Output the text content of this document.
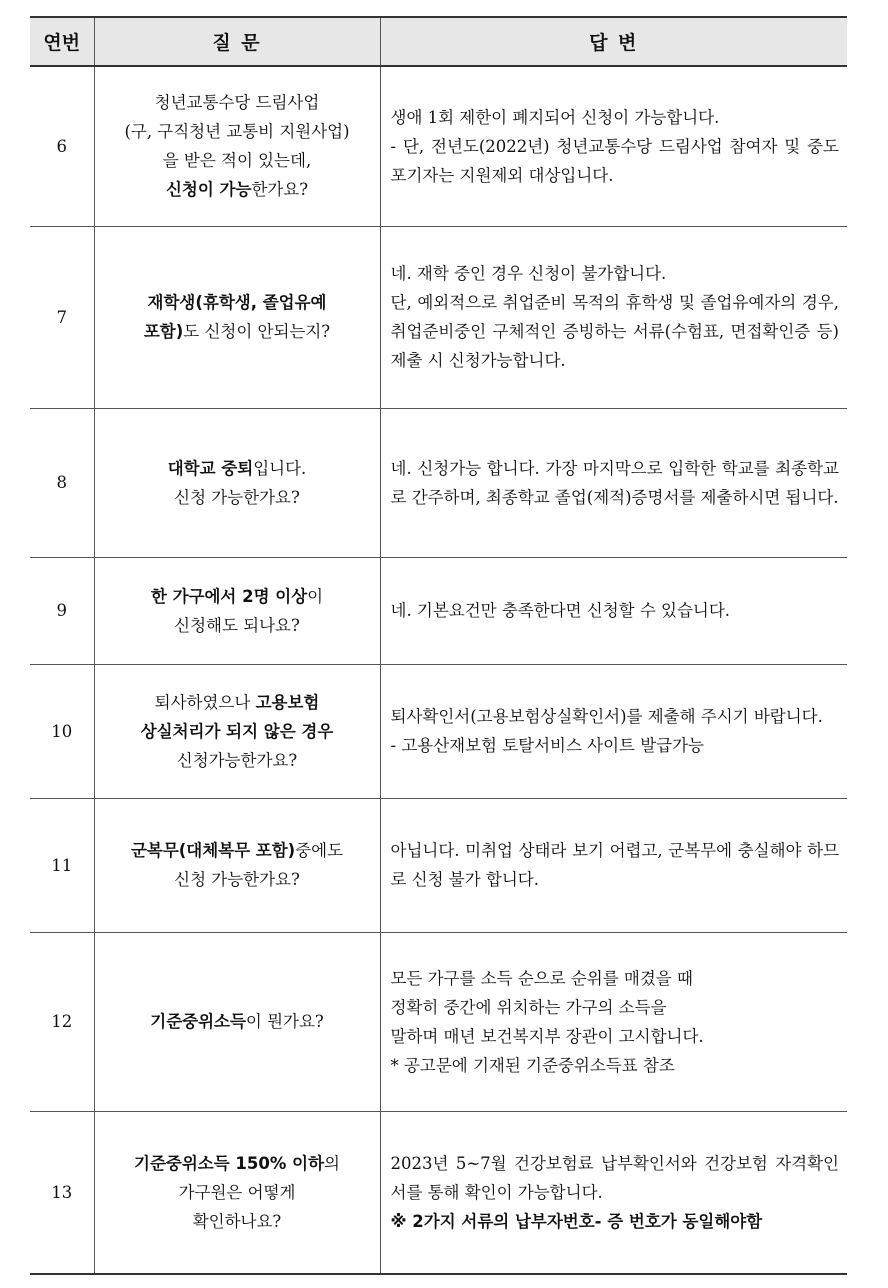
연번	질 문	답 변
6	청년교통수당 드림사업
(구, 구직청년 교통비 지원사업)
을 받은 적이 있는데,
신청이 가능한가요?	생애 1회 제한이 폐지되어 신청이 가능합니다.
- 단, 전년도(2022년) 청년교통수당 드림사업 참여자 및 중도포기자는 지원제외 대상입니다.

7	재학생(휴학생, 졸업유예
포함)도 신청이 안되는지?	네. 재학 중인 경우 신청이 불가합니다.
단, 예외적으로 취업준비 목적의 휴학생 및 졸업유예자의 경우, 취업준비중인 구체적인 증빙하는 서류(수험표, 면접확인증 등) 제출 시 신청가능합니다.

8	대학교 중퇴입니다.
신청 가능한가요?	네. 신청가능 합니다. 가장 마지막으로 입학한 학교를 최종학교로 간주하며, 최종학교 졸업(제적)증명서를 제출하시면 됩니다.

9	한 가구에서 2명 이상이
신청해도 되나요?	네. 기본요건만 충족한다면 신청할 수 있습니다.

10	퇴사하였으나 고용보험
상실처리가 되지 않은 경우
신청가능한가요?	퇴사확인서(고용보험상실확인서)를 제출해 주시기 바랍니다.
- 고용산재보험 토탈서비스 사이트 발급가능

11	군복무(대체복무 포함)중에도
신청 가능한가요?	아닙니다. 미취업 상태라 보기 어렵고, 군복무에 충실해야 하므로 신청 불가 합니다.

12	기준중위소득이 뭔가요?	모든 가구를 소득 순으로 순위를 매겼을 때
정확히 중간에 위치하는 가구의 소득을
말하며 매년 보건복지부 장관이 고시합니다.
* 공고문에 기재된 기준중위소득표 참조

13	기준중위소득 150% 이하의
가구원은 어떻게
확인하나요?	2023년 5~7월 건강보험료 납부확인서와 건강보험 자격확인서를 통해 확인이 가능합니다.
※ 2가지 서류의 납부자번호- 증 번호가 동일해야함
